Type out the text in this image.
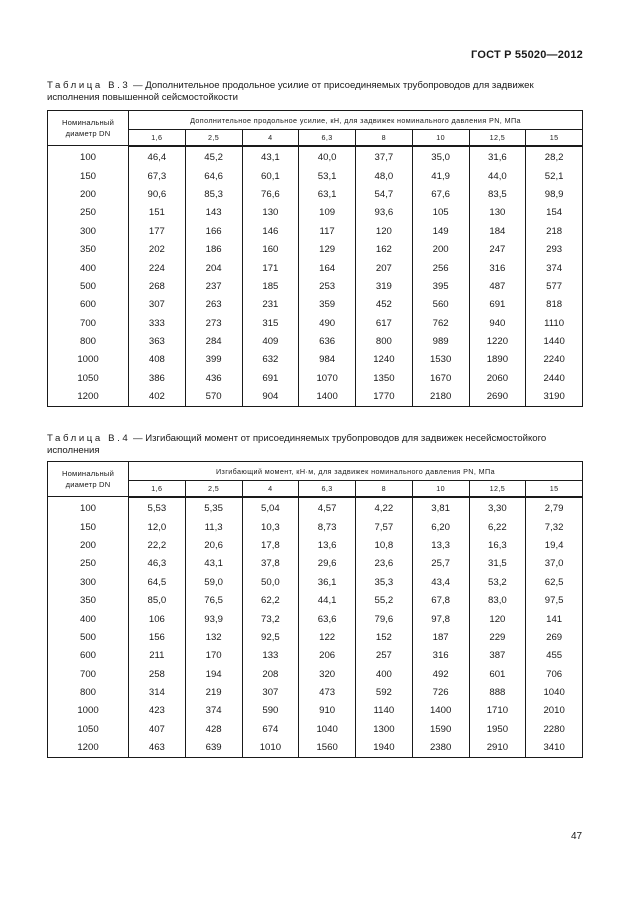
ГОСТ Р 55020—2012
Таблица В.3 — Дополнительное продольное усилие от присоединяемых трубопроводов для задвижек исполнения повышенной сейсмостойкости
Номинальный диаметр DN	Дополнительное продольное усилие, кН, для задвижек номинального давления PN, МПа							
	1,6	2,5	4	6,3	8	10	12,5	15
100	46,4	45,2	43,1	40,0	37,7	35,0	31,6	28,2
150	67,3	64,6	60,1	53,1	48,0	41,9	44,0	52,1
200	90,6	85,3	76,6	63,1	54,7	67,6	83,5	98,9
250	151	143	130	109	93,6	105	130	154
300	177	166	146	117	120	149	184	218
350	202	186	160	129	162	200	247	293
400	224	204	171	164	207	256	316	374
500	268	237	185	253	319	395	487	577
600	307	263	231	359	452	560	691	818
700	333	273	315	490	617	762	940	1110
800	363	284	409	636	800	989	1220	1440
1000	408	399	632	984	1240	1530	1890	2240
1050	386	436	691	1070	1350	1670	2060	2440
1200	402	570	904	1400	1770	2180	2690	3190
Таблица В.4 — Изгибающий момент от присоединяемых трубопроводов для задвижек несейсмостойкого исполнения
Номинальный диаметр DN	Изгибающий момент, кН·м, для задвижек номинального давления PN, МПа							
	1,6	2,5	4	6,3	8	10	12,5	15
100	5,53	5,35	5,04	4,57	4,22	3,81	3,30	2,79
150	12,0	11,3	10,3	8,73	7,57	6,20	6,22	7,32
200	22,2	20,6	17,8	13,6	10,8	13,3	16,3	19,4
250	46,3	43,1	37,8	29,6	23,6	25,7	31,5	37,0
300	64,5	59,0	50,0	36,1	35,3	43,4	53,2	62,5
350	85,0	76,5	62,2	44,1	55,2	67,8	83,0	97,5
400	106	93,9	73,2	63,6	79,6	97,8	120	141
500	156	132	92,5	122	152	187	229	269
600	211	170	133	206	257	316	387	455
700	258	194	208	320	400	492	601	706
800	314	219	307	473	592	726	888	1040
1000	423	374	590	910	1140	1400	1710	2010
1050	407	428	674	1040	1300	1590	1950	2280
1200	463	639	1010	1560	1940	2380	2910	3410
47
